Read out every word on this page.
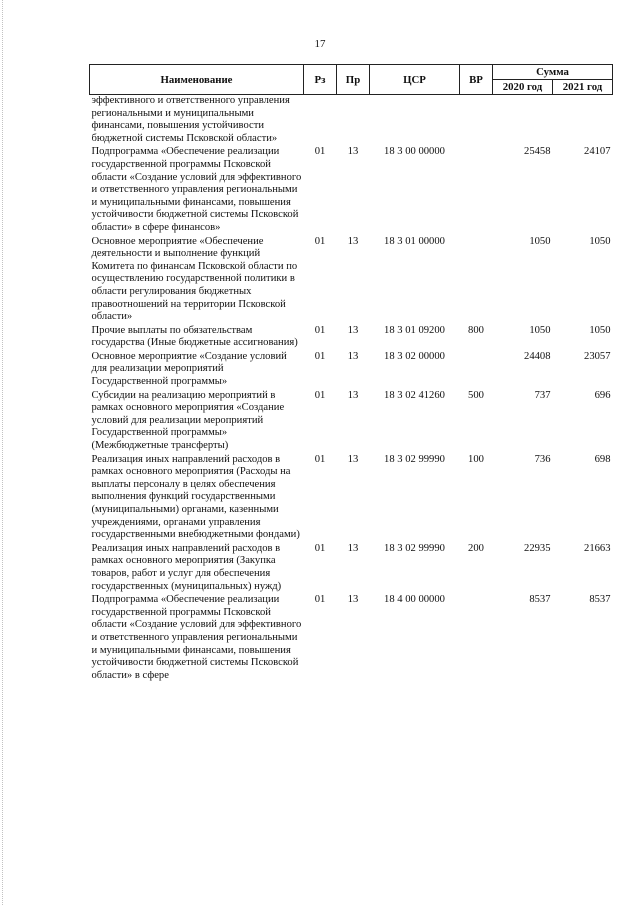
17
Наименование	Рз	Пр	ЦСР	ВР	Сумма	
					2020 год	2021 год
эффективного и ответственного управления региональными и муниципальными финансами, повышения устойчивости бюджетной системы Псковской области»						
Подпрограмма «Обеспечение реализации государственной программы Псковской области «Создание условий для эффективного и ответственного управления региональными и муниципальными финансами, повышения устойчивости бюджетной системы Псковской области» в сфере финансов»	01	13	18 3 00 00000		25458	24107
Основное мероприятие «Обеспечение деятельности и выполнение функций Комитета по финансам Псковской области по осуществлению государственной политики в области регулирования бюджетных правоотношений на территории Псковской области»	01	13	18 3 01 00000		1050	1050
Прочие выплаты по обязательствам государства (Иные бюджетные ассигнования)	01	13	18 3 01 09200	800	1050	1050
Основное мероприятие «Создание условий для реализации мероприятий Государственной программы»	01	13	18 3 02 00000		24408	23057
Субсидии на реализацию мероприятий в рамках основного мероприятия «Создание условий для реализации мероприятий Государственной программы» (Межбюджетные трансферты)	01	13	18 3 02 41260	500	737	696
Реализация иных направлений расходов в рамках основного мероприятия (Расходы на выплаты персоналу в целях обеспечения выполнения функций государственными (муниципальными) органами, казенными учреждениями, органами управления государственными внебюджетными фондами)	01	13	18 3 02 99990	100	736	698
Реализация иных направлений расходов в рамках основного мероприятия (Закупка товаров, работ и услуг для обеспечения государственных (муниципальных) нужд)	01	13	18 3 02 99990	200	22935	21663
Подпрограмма «Обеспечение реализации государственной программы Псковской области «Создание условий для эффективного и ответственного управления региональными и муниципальными финансами, повышения устойчивости бюджетной системы Псковской области» в сфере	01	13	18 4 00 00000		8537	8537
